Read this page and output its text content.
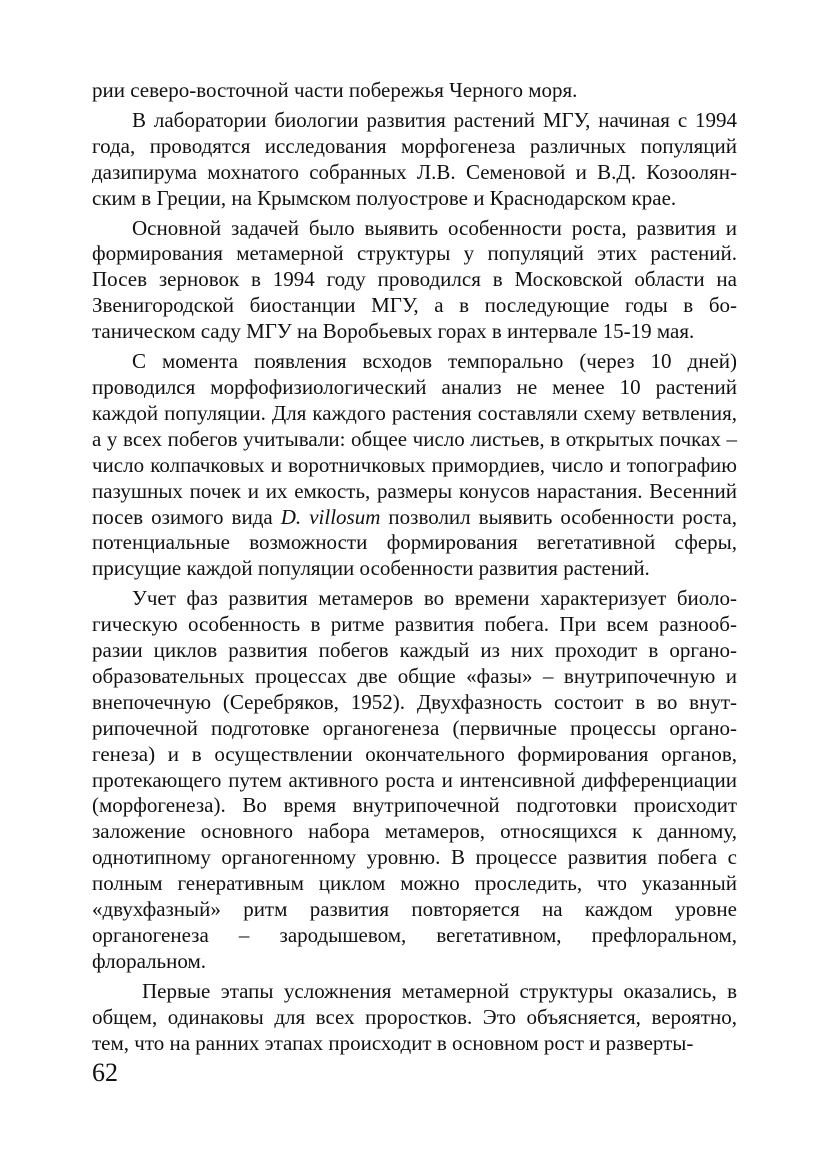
рии северо-восточной части побережья Черного моря.

В лаборатории биологии развития растений МГУ, начиная с 1994 года, проводятся исследования морфогенеза различных популяций дазипирума мохнатого собранных Л.В. Семеновой и В.Д. Козоолянским в Греции, на Крымском полуострове и Краснодарском крае.

Основной задачей было выявить особенности роста, развития и формирования метамерной структуры у популяций этих растений. Посев зерновок в 1994 году проводился в Московской области на Звенигородской биостанции МГУ, а в последующие годы в ботаническом саду МГУ на Воробьевых горах в интервале 15-19 мая.

С момента появления всходов темпорально (через 10 дней) проводился морфофизиологический анализ не менее 10 растений каждой популяции. Для каждого растения составляли схему ветвления, а у всех побегов учитывали: общее число листьев, в открытых почках – число колпачковых и воротничковых примордиев, число и топографию пазушных почек и их емкость, размеры конусов нарастания. Весенний посев озимого вида D. villosum позволил выявить особенности роста, потенциальные возможности формирования вегетативной сферы, присущие каждой популяции особенности развития растений.

Учет фаз развития метамеров во времени характеризует биологическую особенность в ритме развития побега. При всем разнообразии циклов развития побегов каждый из них проходит в органообразовательных процессах две общие «фазы» – внутрипочечную и внепочечную (Серебряков, 1952). Двухфазность состоит в во внутрипочечной подготовке органогенеза (первичные процессы органогенеза) и в осуществлении окончательного формирования органов, протекающего путем активного роста и интенсивной дифференциации (морфогенеза). Во время внутрипочечной подготовки происходит заложение основного набора метамеров, относящихся к данному, однотипному органогенному уровню. В процессе развития побега с полным генеративным циклом можно проследить, что указанный «двухфазный» ритм развития повторяется на каждом уровне органогенеза – зародышевом, вегетативном, префлоральном, флоральном.

Первые этапы усложнения метамерной структуры оказались, в общем, одинаковы для всех проростков. Это объясняется, вероятно, тем, что на ранних этапах происходит в основном рост и разверты-

62
